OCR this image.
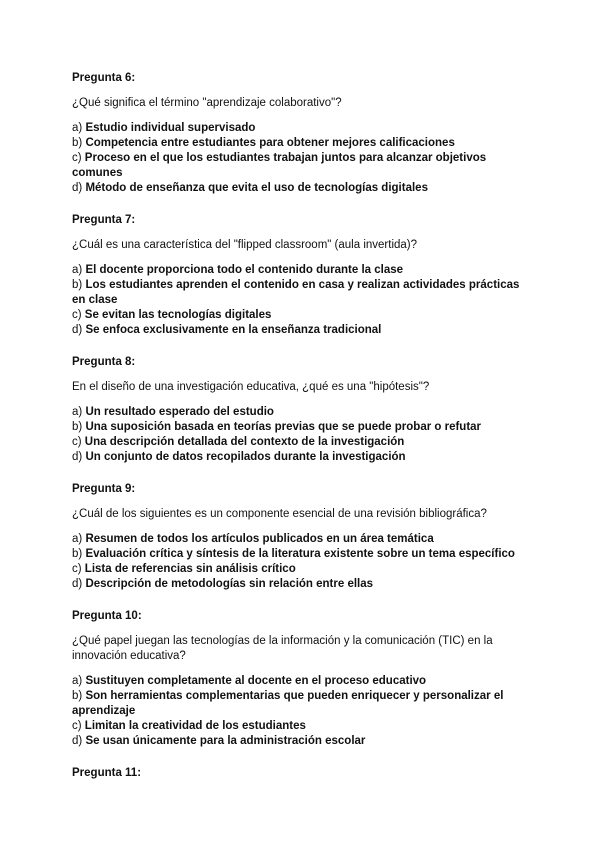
Pregunta 6:
¿Qué significa el término "aprendizaje colaborativo"?
a) Estudio individual supervisado
b) Competencia entre estudiantes para obtener mejores calificaciones
c) Proceso en el que los estudiantes trabajan juntos para alcanzar objetivos comunes
d) Método de enseñanza que evita el uso de tecnologías digitales
Pregunta 7:
¿Cuál es una característica del "flipped classroom" (aula invertida)?
a) El docente proporciona todo el contenido durante la clase
b) Los estudiantes aprenden el contenido en casa y realizan actividades prácticas en clase
c) Se evitan las tecnologías digitales
d) Se enfoca exclusivamente en la enseñanza tradicional
Pregunta 8:
En el diseño de una investigación educativa, ¿qué es una "hipótesis"?
a) Un resultado esperado del estudio
b) Una suposición basada en teorías previas que se puede probar o refutar
c) Una descripción detallada del contexto de la investigación
d) Un conjunto de datos recopilados durante la investigación
Pregunta 9:
¿Cuál de los siguientes es un componente esencial de una revisión bibliográfica?
a) Resumen de todos los artículos publicados en un área temática
b) Evaluación crítica y síntesis de la literatura existente sobre un tema específico
c) Lista de referencias sin análisis crítico
d) Descripción de metodologías sin relación entre ellas
Pregunta 10:
¿Qué papel juegan las tecnologías de la información y la comunicación (TIC) en la innovación educativa?
a) Sustituyen completamente al docente en el proceso educativo
b) Son herramientas complementarias que pueden enriquecer y personalizar el aprendizaje
c) Limitan la creatividad de los estudiantes
d) Se usan únicamente para la administración escolar
Pregunta 11:
